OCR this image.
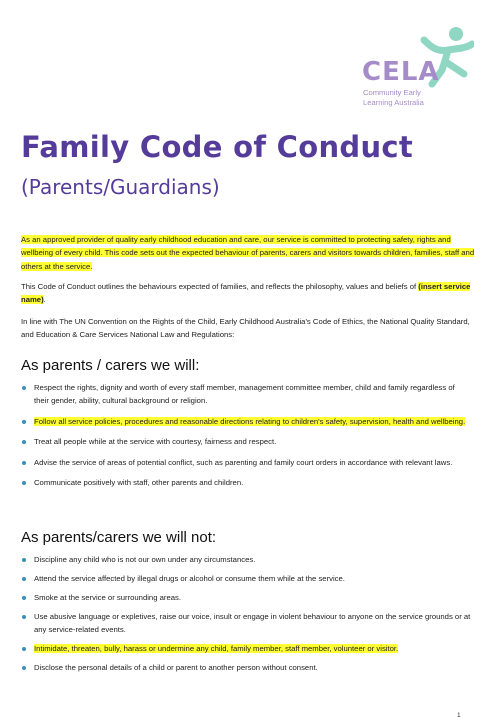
CELA
Community Early
Learning Australia
Family Code of Conduct
(Parents/Guardians)
As an approved provider of quality early childhood education and care, our service is committed to protecting safety, rights and wellbeing of every child. This code sets out the expected behaviour of parents, carers and visitors towards children, families, staff and others at the service.
This Code of Conduct outlines the behaviours expected of families, and reflects the philosophy, values and beliefs of (insert service name).
In line with The UN Convention on the Rights of the Child, Early Childhood Australia's Code of Ethics, the National Quality Standard, and Education & Care Services National Law and Regulations:
As parents / carers we will:
Respect the rights, dignity and worth of every staff member, management committee member, child and family regardless of their gender, ability, cultural background or religion.
Follow all service policies, procedures and reasonable directions relating to children's safety, supervision, health and wellbeing.
Treat all people while at the service with courtesy, fairness and respect.
Advise the service of areas of potential conflict, such as parenting and family court orders in accordance with relevant laws.
Communicate positively with staff, other parents and children.
As parents/carers we will not:
Discipline any child who is not our own under any circumstances.
Attend the service affected by illegal drugs or alcohol or consume them while at the service.
Smoke at the service or surrounding areas.
Use abusive language or expletives, raise our voice, insult or engage in violent behaviour to anyone on the service grounds or at any service-related events.
Intimidate, threaten, bully, harass or undermine any child, family member, staff member, volunteer or visitor.
Disclose the personal details of a child or parent to another person without consent.
1
